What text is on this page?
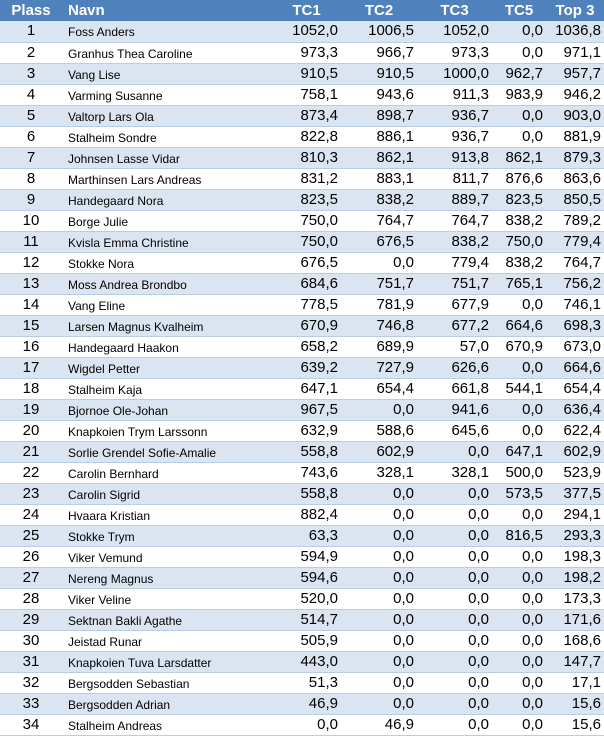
Plass	Navn	TC1	TC2	TC3	TC5	Top 3
1	Foss Anders	1052,0	1006,5	1052,0	0,0	1036,8
2	Granhus Thea Caroline	973,3	966,7	973,3	0,0	971,1
3	Vang Lise	910,5	910,5	1000,0	962,7	957,7
4	Varming Susanne	758,1	943,6	911,3	983,9	946,2
5	Valtorp Lars Ola	873,4	898,7	936,7	0,0	903,0
6	Stalheim Sondre	822,8	886,1	936,7	0,0	881,9
7	Johnsen Lasse Vidar	810,3	862,1	913,8	862,1	879,3
8	Marthinsen Lars Andreas	831,2	883,1	811,7	876,6	863,6
9	Handegaard Nora	823,5	838,2	889,7	823,5	850,5
10	Borge Julie	750,0	764,7	764,7	838,2	789,2
11	Kvisla Emma Christine	750,0	676,5	838,2	750,0	779,4
12	Stokke Nora	676,5	0,0	779,4	838,2	764,7
13	Moss Andrea Brondbo	684,6	751,7	751,7	765,1	756,2
14	Vang Eline	778,5	781,9	677,9	0,0	746,1
15	Larsen Magnus Kvalheim	670,9	746,8	677,2	664,6	698,3
16	Handegaard Haakon	658,2	689,9	57,0	670,9	673,0
17	Wigdel Petter	639,2	727,9	626,6	0,0	664,6
18	Stalheim Kaja	647,1	654,4	661,8	544,1	654,4
19	Bjornoe Ole-Johan	967,5	0,0	941,6	0,0	636,4
20	Knapkoien Trym Larssonn	632,9	588,6	645,6	0,0	622,4
21	Sorlie Grendel Sofie-Amalie	558,8	602,9	0,0	647,1	602,9
22	Carolin Bernhard	743,6	328,1	328,1	500,0	523,9
23	Carolin Sigrid	558,8	0,0	0,0	573,5	377,5
24	Hvaara Kristian	882,4	0,0	0,0	0,0	294,1
25	Stokke Trym	63,3	0,0	0,0	816,5	293,3
26	Viker Vemund	594,9	0,0	0,0	0,0	198,3
27	Nereng Magnus	594,6	0,0	0,0	0,0	198,2
28	Viker Veline	520,0	0,0	0,0	0,0	173,3
29	Sektnan Bakli Agathe	514,7	0,0	0,0	0,0	171,6
30	Jeistad Runar	505,9	0,0	0,0	0,0	168,6
31	Knapkoien Tuva Larsdatter	443,0	0,0	0,0	0,0	147,7
32	Bergsodden Sebastian	51,3	0,0	0,0	0,0	17,1
33	Bergsodden Adrian	46,9	0,0	0,0	0,0	15,6
34	Stalheim Andreas	0,0	46,9	0,0	0,0	15,6
